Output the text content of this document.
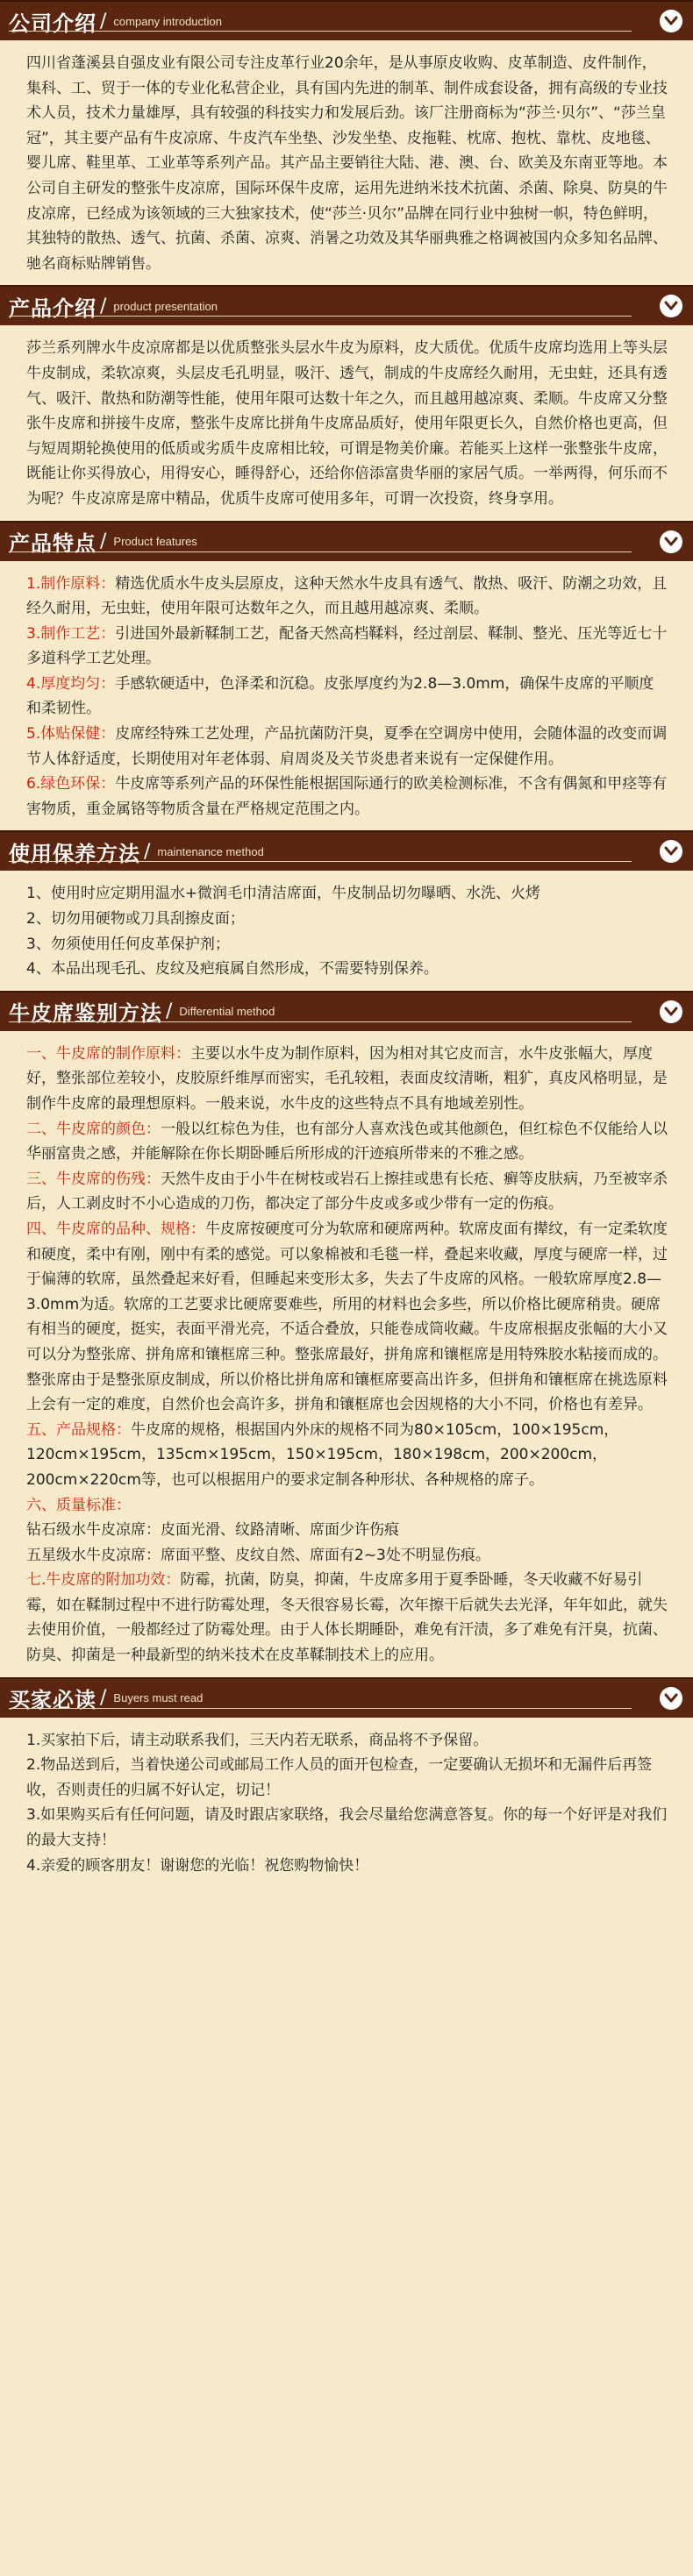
公司介绍 / company introduction

四川省蓬溪县自强皮业有限公司专注皮革行业20余年，是从事原皮收购、皮革制造、皮件制作，集科、工、贸于一体的专业化私营企业，具有国内先进的制革、制件成套设备，拥有高级的专业技术人员，技术力量雄厚，具有较强的科技实力和发展后劲。该厂注册商标为“莎兰·贝尔”、“莎兰皇冠”，其主要产品有牛皮凉席、牛皮汽车坐垫、沙发坐垫、皮拖鞋、枕席、抱枕、靠枕、皮地毯、婴儿席、鞋里革、工业革等系列产品。其产品主要销往大陆、港、澳、台、欧美及东南亚等地。本公司自主研发的整张牛皮凉席，国际环保牛皮席，运用先进纳米技术抗菌、杀菌、除臭、防臭的牛皮凉席，已经成为该领域的三大独家技术，使“莎兰·贝尔”品牌在同行业中独树一帜，特色鲜明，其独特的散热、透气、抗菌、杀菌、凉爽、消暑之功效及其华丽典雅之格调被国内众多知名品牌、驰名商标贴牌销售。

产品介绍 / product presentation

莎兰系列牌水牛皮凉席都是以优质整张头层水牛皮为原料，皮大质优。优质牛皮席均选用上等头层牛皮制成，柔软凉爽，头层皮毛孔明显，吸汗、透气，制成的牛皮席经久耐用，无虫蛀，还具有透气、吸汗、散热和防潮等性能，使用年限可达数十年之久，而且越用越凉爽、柔顺。牛皮席又分整张牛皮席和拼接牛皮席，整张牛皮席比拼角牛皮席品质好，使用年限更长久，自然价格也更高，但与短周期轮换使用的低质或劣质牛皮席相比较，可谓是物美价廉。若能买上这样一张整张牛皮席，既能让你买得放心，用得安心，睡得舒心，还给你倍添富贵华丽的家居气质。一举两得，何乐而不为呢？牛皮凉席是席中精品，优质牛皮席可使用多年，可谓一次投资，终身享用。

产品特点 / Product features
1.制作原料：精选优质水牛皮头层原皮，这种天然水牛皮具有透气、散热、吸汗、防潮之功效，且经久耐用，无虫蛀，使用年限可达数年之久，而且越用越凉爽、柔顺。
3.制作工艺：引进国外最新鞣制工艺，配备天然高档鞣料，经过剖层、鞣制、整光、压光等近七十多道科学工艺处理。
4.厚度均匀：手感软硬适中，色泽柔和沉稳。皮张厚度约为2.8—3.0mm，确保牛皮席的平顺度和柔韧性。
5.体贴保健：皮席经特殊工艺处理，产品抗菌防汗臭，夏季在空调房中使用，会随体温的改变而调节人体舒适度，长期使用对年老体弱、肩周炎及关节炎患者来说有一定保健作用。
6.绿色环保：牛皮席等系列产品的环保性能根据国际通行的欧美检测标准，不含有偶氮和甲痉等有害物质，重金属铬等物质含量在严格规定范围之内。
使用保养方法 / maintenance method
1、使用时应定期用温水+微润毛巾清洁席面，牛皮制品切勿曝晒、水洗、火烤
2、切勿用硬物或刀具刮擦皮面；
3、勿须使用任何皮革保护剂；
4、本品出现毛孔、皮纹及疤痕属自然形成，不需要特别保养。
牛皮席鉴别方法 / Differential method
一、牛皮席的制作原料：主要以水牛皮为制作原料，因为相对其它皮而言，水牛皮张幅大，厚度好，整张部位差较小，皮胶原纤维厚而密实，毛孔较粗，表面皮纹清晰，粗犷，真皮风格明显，是制作牛皮席的最理想原料。一般来说，水牛皮的这些特点不具有地域差别性。
二、牛皮席的颜色：一般以红棕色为佳，也有部分人喜欢浅色或其他颜色，但红棕色不仅能给人以华丽富贵之感，并能解除在你长期卧睡后所形成的汗迹痕所带来的不雅之感。
三、牛皮席的伤残：天然牛皮由于小牛在树枝或岩石上擦挂或患有长疮、癣等皮肤病，乃至被宰杀后，人工剥皮时不小心造成的刀伤，都决定了部分牛皮或多或少带有一定的伤痕。
四、牛皮席的品种、规格：牛皮席按硬度可分为软席和硬席两种。软席皮面有撵纹，有一定柔软度和硬度，柔中有刚，刚中有柔的感觉。可以象棉被和毛毯一样，叠起来收藏，厚度与硬席一样，过于偏薄的软席，虽然叠起来好看，但睡起来变形太多，失去了牛皮席的风格。一般软席厚度2.8—3.0mm为适。软席的工艺要求比硬席要难些，所用的材料也会多些，所以价格比硬席稍贵。硬席有相当的硬度，挺实，表面平滑光亮，不适合叠放，只能卷成筒收藏。牛皮席根据皮张幅的大小又可以分为整张席、拼角席和镶框席三种。整张席最好，拼角席和镶框席是用特殊胶水粘接而成的。整张席由于是整张原皮制成，所以价格比拼角席和镶框席要高出许多，但拼角和镶框席在挑选原料上会有一定的难度，自然价也会高许多，拼角和镶框席也会因规格的大小不同，价格也有差异。
五、产品规格：牛皮席的规格，根据国内外床的规格不同为80×105cm，100×195cm，120cm×195cm，135cm×195cm，150×195cm，180×198cm，200×200cm，200cm×220cm等，也可以根据用户的要求定制各种形状、各种规格的席子。
六、质量标准：
钻石级水牛皮凉席：皮面光滑、纹路清晰、席面少许伤痕
五星级水牛皮凉席：席面平整、皮纹自然、席面有2~3处不明显伤痕。
七.牛皮席的附加功效：防霉，抗菌，防臭，抑菌，牛皮席多用于夏季卧睡，冬天收藏不好易引霉，如在鞣制过程中不进行防霉处理，冬天很容易长霉，次年擦干后就失去光泽，年年如此，就失去使用价值，一般都经过了防霉处理。由于人体长期睡卧，难免有汗渍，多了难免有汗臭，抗菌、防臭、抑菌是一种最新型的纳米技术在皮革鞣制技术上的应用。
买家必读 / Buyers must read
1.买家拍下后，请主动联系我们，三天内若无联系，商品将不予保留。
2.物品送到后，当着快递公司或邮局工作人员的面开包检查，一定要确认无损坏和无漏件后再签收，否则责任的归属不好认定，切记！
3.如果购买后有任何问题，请及时跟店家联络，我会尽量给您满意答复。你的每一个好评是对我们的最大支持！
4.亲爱的顾客朋友！谢谢您的光临！祝您购物愉快！
